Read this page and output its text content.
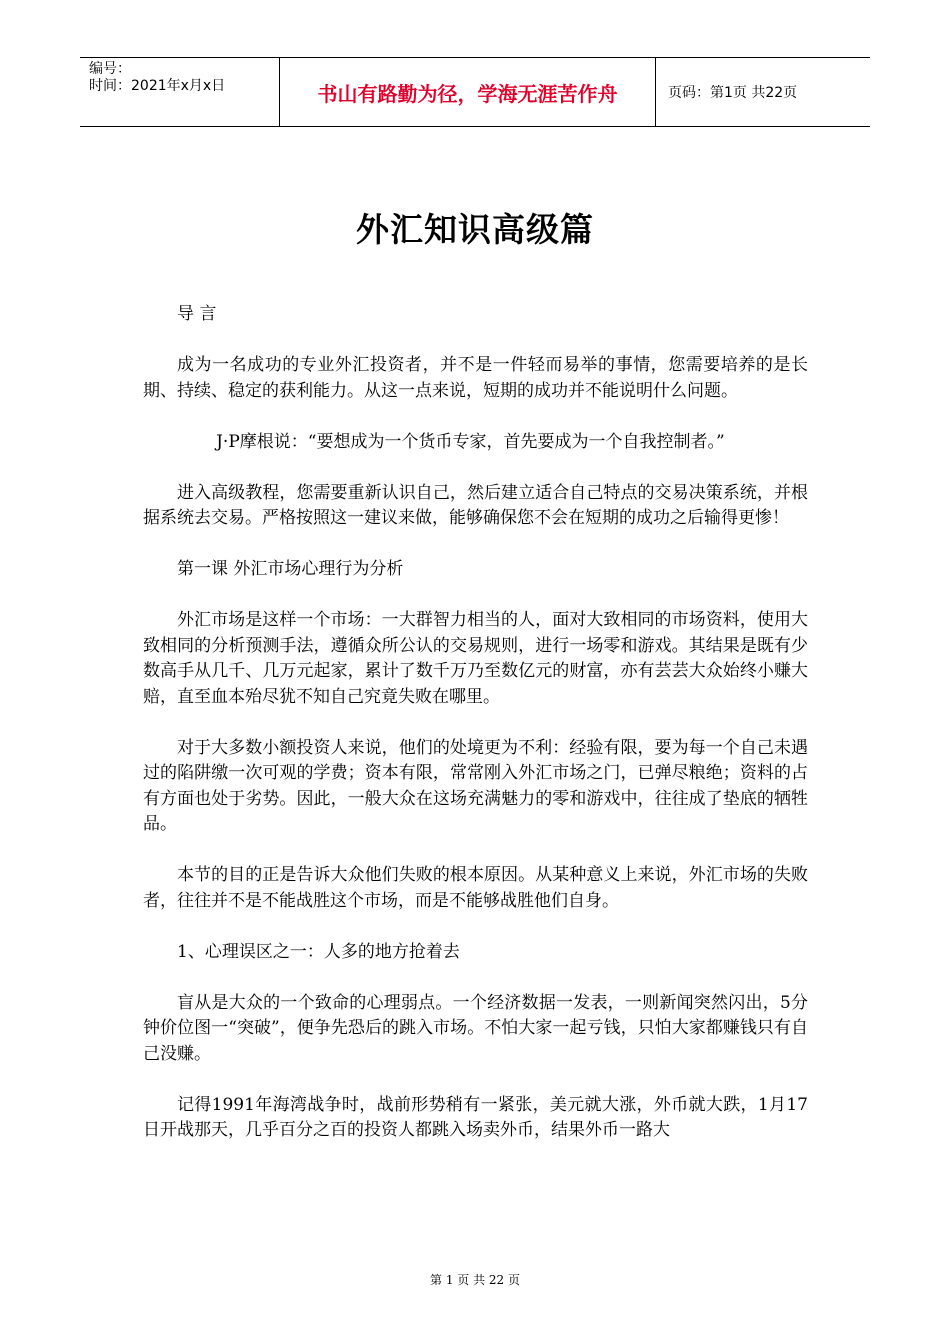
编号：
时间：2021年x月x日	书山有路勤为径，学海无涯苦作舟	页码：第1页 共22页
外汇知识高级篇

导 言

成为一名成功的专业外汇投资者，并不是一件轻而易举的事情，您需要培养的是长期、持续、稳定的获利能力。从这一点来说，短期的成功并不能说明什么问题。

J·P摩根说：“要想成为一个货币专家，首先要成为一个自我控制者。”

进入高级教程，您需要重新认识自己，然后建立适合自己特点的交易决策系统，并根据系统去交易。严格按照这一建议来做，能够确保您不会在短期的成功之后输得更惨！

第一课 外汇市场心理行为分析

外汇市场是这样一个市场：一大群智力相当的人，面对大致相同的市场资料，使用大致相同的分析预测手法，遵循众所公认的交易规则，进行一场零和游戏。其结果是既有少数高手从几千、几万元起家，累计了数千万乃至数亿元的财富，亦有芸芸大众始终小赚大赔，直至血本殆尽犹不知自己究竟失败在哪里。

对于大多数小额投资人来说，他们的处境更为不利：经验有限，要为每一个自己未遇过的陷阱缴一次可观的学费；资本有限，常常刚入外汇市场之门，已弹尽粮绝；资料的占有方面也处于劣势。因此，一般大众在这场充满魅力的零和游戏中，往往成了垫底的牺牲品。

本节的目的正是告诉大众他们失败的根本原因。从某种意义上来说，外汇市场的失败者，往往并不是不能战胜这个市场，而是不能够战胜他们自身。

1、心理误区之一：人多的地方抢着去

盲从是大众的一个致命的心理弱点。一个经济数据一发表，一则新闻突然闪出，5分钟价位图一“突破”，便争先恐后的跳入市场。不怕大家一起亏钱，只怕大家都赚钱只有自己没赚。

记得1991年海湾战争时，战前形势稍有一紧张，美元就大涨，外币就大跌，1月17日开战那天，几乎百分之百的投资人都跳入场卖外币，结果外币一路大

第 1 页 共 22 页
